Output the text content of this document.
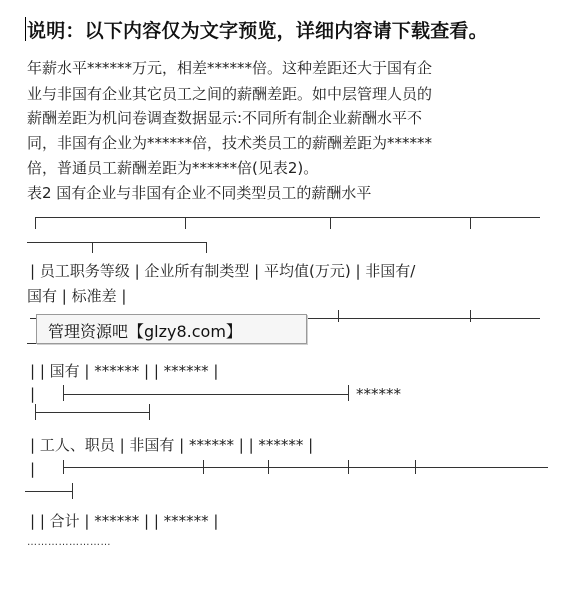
说明：以下内容仅为文字预览，详细内容请下载查看。
年薪水平******万元，相差******倍。这种差距还大于国有企
业与非国有企业其它员工之间的薪酬差距。如中层管理人员的
薪酬差距为机问卷调查数据显示:不同所有制企业薪酬水平不
同，非国有企业为******倍，技术类员工的薪酬差距为******
倍，普通员工薪酬差距为******倍(见表2)。
表2 国有企业与非国有企业不同类型员工的薪酬水平
| 员工职务等级 | 企业所有制类型 | 平均值(万元) | 非国有/
国有 | 标准差 |
| | 国有 | ****** | | ****** |
|	******
| 工人、职员 | 非国有 | ****** | | ****** |
|
| | 合计 | ****** | | ****** |
……………………
管理资源吧【glzy8.com】
